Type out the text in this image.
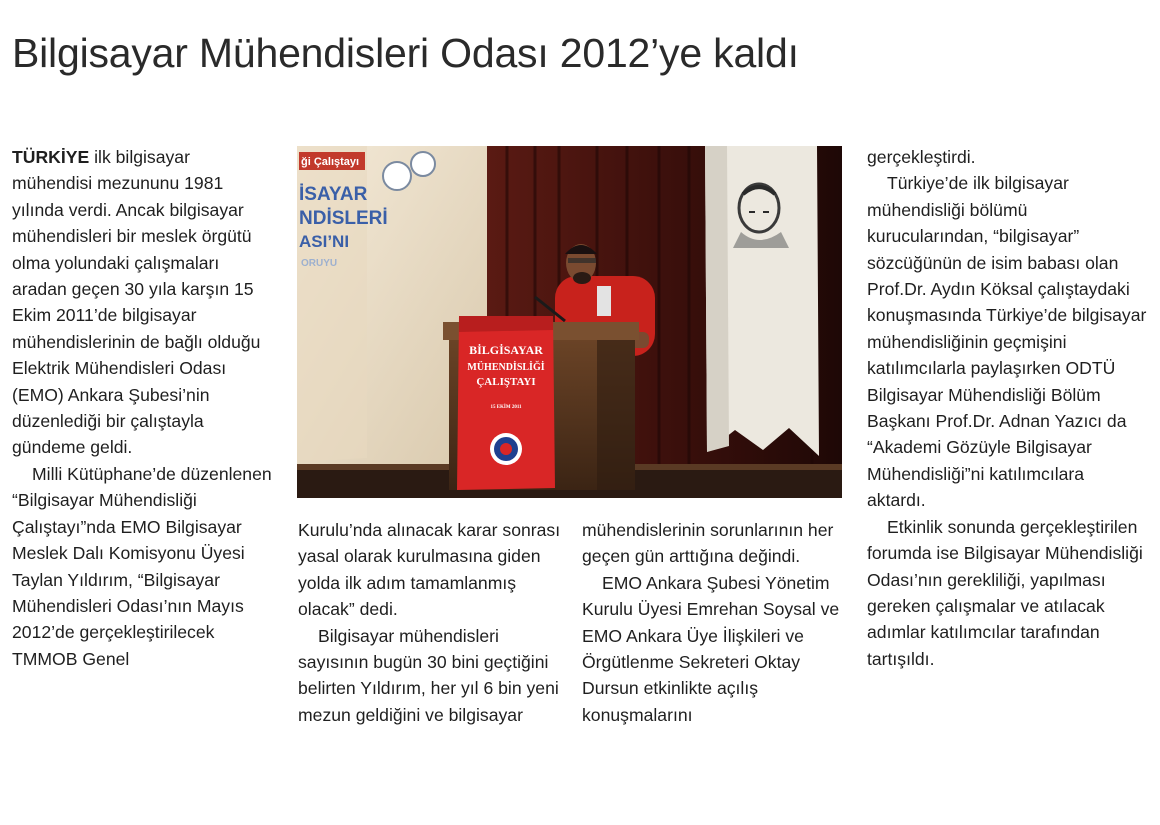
Bilgisayar Mühendisleri Odası 2012’ye kaldı

TÜRKİYE ilk bilgisayar mühendisi mezununu 1981 yılında verdi. Ancak bilgisayar mühendisleri bir meslek örgütü olma yolundaki çalışmaları aradan geçen 30 yıla karşın 15 Ekim 2011’de bilgisayar mühendislerinin de bağlı olduğu Elektrik Mühendisleri Odası (EMO) Ankara Şubesi’nin düzenlediği bir çalıştayla gündeme geldi.

Milli Kütüphane’de düzenlenen “Bilgisayar Mühendisliği Çalıştayı”nda EMO Bilgisayar Meslek Dalı Komisyonu Üyesi Taylan Yıldırım, “Bilgisayar Mühendisleri Odası’nın Mayıs 2012’de gerçekleştirilecek TMMOB Genel

ği Çalıştayı
İSAYAR
NDİSLERİ
ASI’NI
ORUYU
BİLGİSAYAR
MÜHENDİSLİĞİ
ÇALIŞTAYI
15 EKİM 2011

Kurulu’nda alınacak karar sonrası yasal olarak kurulmasına giden yolda ilk adım tamamlanmış olacak” dedi.

Bilgisayar mühendisleri sayısının bugün 30 bini geçtiğini belirten Yıldırım, her yıl 6 bin yeni mezun geldiğini ve bilgisayar

mühendislerinin sorunlarının her geçen gün arttığına değindi.

EMO Ankara Şubesi Yönetim Kurulu Üyesi Emrehan Soysal ve EMO Ankara Üye İlişkileri ve Örgütlenme Sekreteri Oktay Dursun etkinlikte açılış konuşmalarını

gerçekleştirdi.

Türkiye’de ilk bilgisayar mühendisliği bölümü kurucularından, “bilgisayar” sözcüğünün de isim babası olan Prof.Dr. Aydın Köksal çalıştaydaki konuşmasında Türkiye’de bilgisayar mühendisliğinin geçmişini katılımcılarla paylaşırken ODTÜ Bilgisayar Mühendisliği Bölüm Başkanı Prof.Dr. Adnan Yazıcı da “Akademi Gözüyle Bilgisayar Mühendisliği”ni katılımcılara aktardı.

Etkinlik sonunda gerçekleştirilen forumda ise Bilgisayar Mühendisliği Odası’nın gerekliliği, yapılması gereken çalışmalar ve atılacak adımlar katılımcılar tarafından tartışıldı.
